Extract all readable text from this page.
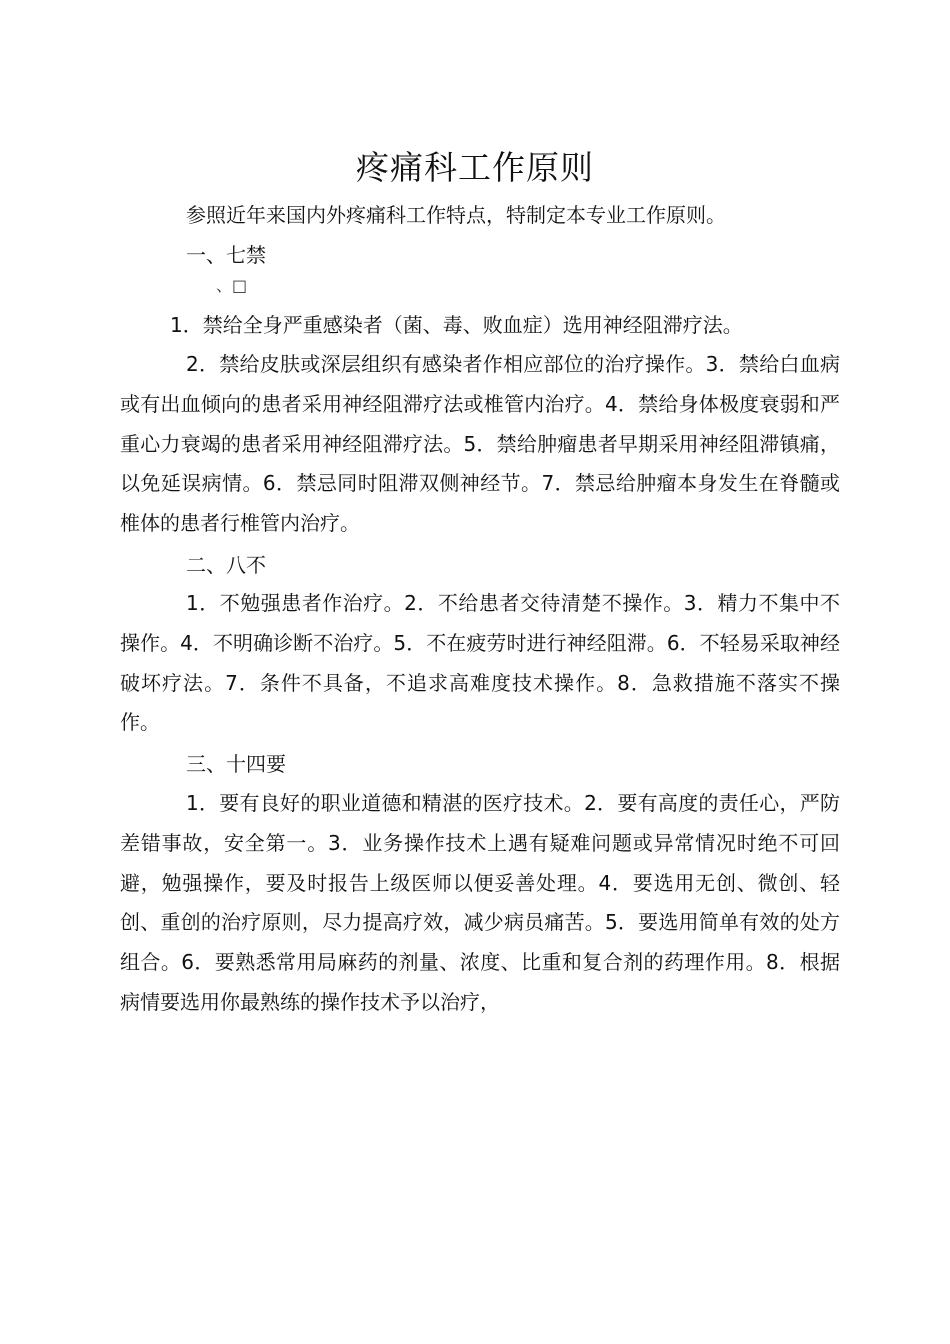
疼痛科工作原则

参照近年来国内外疼痛科工作特点，特制定本专业工作原则。

一、七禁

、□

1．禁给全身严重感染者（菌、毒、败血症）选用神经阻滞疗法。

2．禁给皮肤或深层组织有感染者作相应部位的治疗操作。3．禁给白血病或有出血倾向的患者采用神经阻滞疗法或椎管内治疗。4．禁给身体极度衰弱和严重心力衰竭的患者采用神经阻滞疗法。5．禁给肿瘤患者早期采用神经阻滞镇痛，以免延误病情。6．禁忌同时阻滞双侧神经节。7．禁忌给肿瘤本身发生在脊髓或椎体的患者行椎管内治疗。

二、八不

1．不勉强患者作治疗。2．不给患者交待清楚不操作。3．精力不集中不操作。4．不明确诊断不治疗。5．不在疲劳时进行神经阻滞。6．不轻易采取神经破坏疗法。7．条件不具备，不追求高难度技术操作。8．急救措施不落实不操作。

三、十四要

1．要有良好的职业道德和精湛的医疗技术。2．要有高度的责任心，严防差错事故，安全第一。3．业务操作技术上遇有疑难问题或异常情况时绝不可回避，勉强操作，要及时报告上级医师以便妥善处理。4．要选用无创、微创、轻创、重创的治疗原则，尽力提高疗效，减少病员痛苦。5．要选用简单有效的处方组合。6．要熟悉常用局麻药的剂量、浓度、比重和复合剂的药理作用。8．根据病情要选用你最熟练的操作技术予以治疗，
